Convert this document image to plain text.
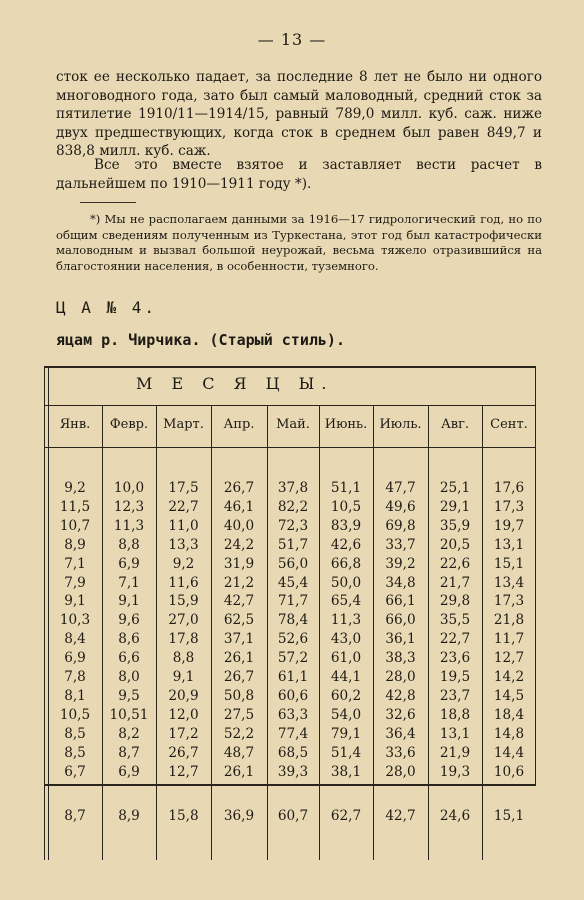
— 13 —
сток ее несколько падает, за последние 8 лет не было ни одного многоводного года, зато был самый маловодный, средний сток за пятилетие 1910/11—1914/15, равный 789,0 милл. куб. саж. ниже двух предшествующих, когда сток в среднем был равен 849,7 и 838,8 милл. куб. саж.
Все это вместе взятое и заставляет вести расчет в дальнейшем по 1910—1911 году *).
*) Мы не располагаем данными за 1916—17 гидрологический год, но по общим сведениям полученным из Туркестана, этот год был катастрофически маловодным и вызвал большой неурожай, весьма тяжело отразившийся на благостоянии населения, в особенности, туземного.
Ц А № 4.
яцам р. Чирчика. (Старый стиль).
М Е С Я Ц Ы.
Янв.	Февр.	Март.	Апр.	Май.	Июнь. Июль.	Авг.	Сент.
9,2	10,0	17,5	26,7	37,8	51,1	47,7	25,1	17,6
11,5	12,3	22,7	46,1	82,2	10,5	49,6	29,1	17,3
10,7	11,3	11,0	40,0	72,3	83,9	69,8	35,9	19,7
8,9	8,8	13,3	24,2	51,7	42,6	33,7	20,5	13,1
7,1	6,9	9,2	31,9	56,0	66,8	39,2	22,6	15,1
7,9	7,1	11,6	21,2	45,4	50,0	34,8	21,7	13,4
9,1	9,1	15,9	42,7	71,7	65,4	66,1	29,8	17,3
10,3	9,6	27,0	62,5	78,4	11,3	66,0	35,5	21,8
8,4	8,6	17,8	37,1	52,6	43,0	36,1	22,7	11,7
6,9	6,6	8,8	26,1	57,2	61,0	38,3	23,6	12,7
7,8	8,0	9,1	26,7	61,1	44,1	28,0	19,5	14,2
8,1	9,5	20,9	50,8	60,6	60,2	42,8	23,7	14,5
10,5	10,51	12,0	27,5	63,3	54,0	32,6	18,8	18,4
8,5	8,2	17,2	52,2	77,4	79,1	36,4	13,1	14,8
8,5	8,7	26,7	48,7	68,5	51,4	33,6	21,9	14,4
6,7	6,9	12,7	26,1	39,3	38,1	28,0	19,3	10,6
8,7	8,9	15,8	36,9	60,7	62,7	42,7	24,6	15,1
